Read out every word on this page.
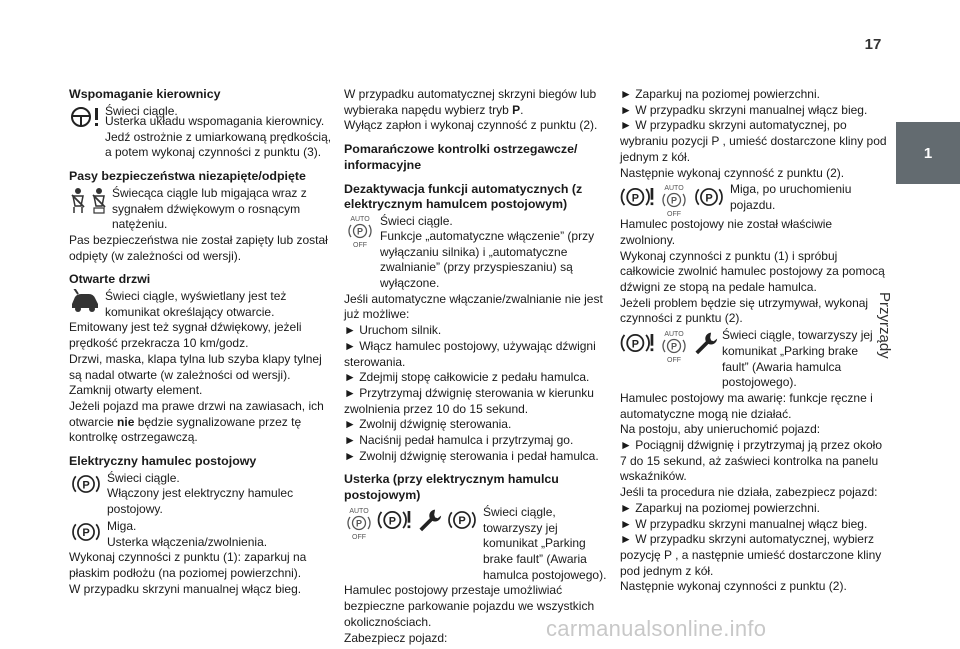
17
1
Przyrządy

Wspomaganie kierownicy

Świeci ciągle.

Usterka układu wspomagania kierownicy. Jedź ostrożnie z umiarkowaną prędkością, a potem wykonaj czynności z punktu (3).

Pasy bezpieczeństwa niezapięte/odpięte

Świecąca ciągle lub migająca wraz z sygnałem dźwiękowym o rosnącym natężeniu.

Pas bezpieczeństwa nie został zapięty lub został odpięty (w zależności od wersji).

Otwarte drzwi

Świeci ciągle, wyświetlany jest też komunikat określający otwarcie.

Emitowany jest też sygnał dźwiękowy, jeżeli prędkość przekracza 10 km/godz.

Drzwi, maska, klapa tylna lub szyba klapy tylnej są nadal otwarte (w zależności od wersji).

Zamknij otwarty element.

Jeżeli pojazd ma prawe drzwi na zawiasach, ich otwarcie nie będzie sygnalizowane przez tę kontrolkę ostrzegawczą.

Elektryczny hamulec postojowy

Świeci ciągle.

Włączony jest elektryczny hamulec postojowy.

Miga.

Usterka włączenia/zwolnienia.

Wykonaj czynności z punktu (1): zaparkuj na płaskim podłożu (na poziomej powierzchni).

W przypadku skrzyni manualnej włącz bieg.

W przypadku automatycznej skrzyni biegów lub wybieraka napędu wybierz tryb P.

Wyłącz zapłon i wykonaj czynność z punktu (2).

Pomarańczowe kontrolki ostrzegawcze/ informacyjne

Dezaktywacja funkcji automatycznych (z elektrycznym hamulcem postojowym)

Świeci ciągle.

Funkcje „automatyczne włączenie” (przy wyłączaniu silnika) i „automatyczne zwalnianie” (przy przyspieszaniu) są wyłączone.

Jeśli automatyczne włączanie/zwalnianie nie jest już możliwe:

► Uruchom silnik.

► Włącz hamulec postojowy, używając dźwigni sterowania.

► Zdejmij stopę całkowicie z pedału hamulca.

► Przytrzymaj dźwignię sterowania w kierunku zwolnienia przez 10 do 15 sekund.

► Zwolnij dźwignię sterowania.

► Naciśnij pedał hamulca i przytrzymaj go.

► Zwolnij dźwignię sterowania i pedał hamulca.

Usterka (przy elektrycznym hamulcu postojowym)

Świeci ciągle, towarzyszy jej komunikat „Parking brake fault” (Awaria hamulca postojowego).

Hamulec postojowy przestaje umożliwiać bezpieczne parkowanie pojazdu we wszystkich okolicznościach.

Zabezpiecz pojazd:

► Zaparkuj na poziomej powierzchni.

► W przypadku skrzyni manualnej włącz bieg.

► W przypadku skrzyni automatycznej, po wybraniu pozycji P , umieść dostarczone kliny pod jednym z kół.

Następnie wykonaj czynność z punktu (2).

Miga, po uruchomieniu pojazdu.

Hamulec postojowy nie został właściwie zwolniony.

Wykonaj czynności z punktu (1) i spróbuj całkowicie zwolnić hamulec postojowy za pomocą dźwigni ze stopą na pedale hamulca.

Jeżeli problem będzie się utrzymywał, wykonaj czynności z punktu (2).

Świeci ciągle, towarzyszy jej komunikat „Parking brake fault” (Awaria hamulca postojowego).

Hamulec postojowy ma awarię: funkcje ręczne i automatyczne mogą nie działać.

Na postoju, aby unieruchomić pojazd:

► Pociągnij dźwignię i przytrzymaj ją przez około 7 do 15 sekund, aż zaświeci kontrolka na panelu wskaźników.

Jeśli ta procedura nie działa, zabezpiecz pojazd:

► Zaparkuj na poziomej powierzchni.

► W przypadku skrzyni manualnej włącz bieg.

► W przypadku skrzyni automatycznej, wybierz pozycję P , a następnie umieść dostarczone kliny pod jednym z kół.

Następnie wykonaj czynności z punktu (2).

carmanualsonline.info
